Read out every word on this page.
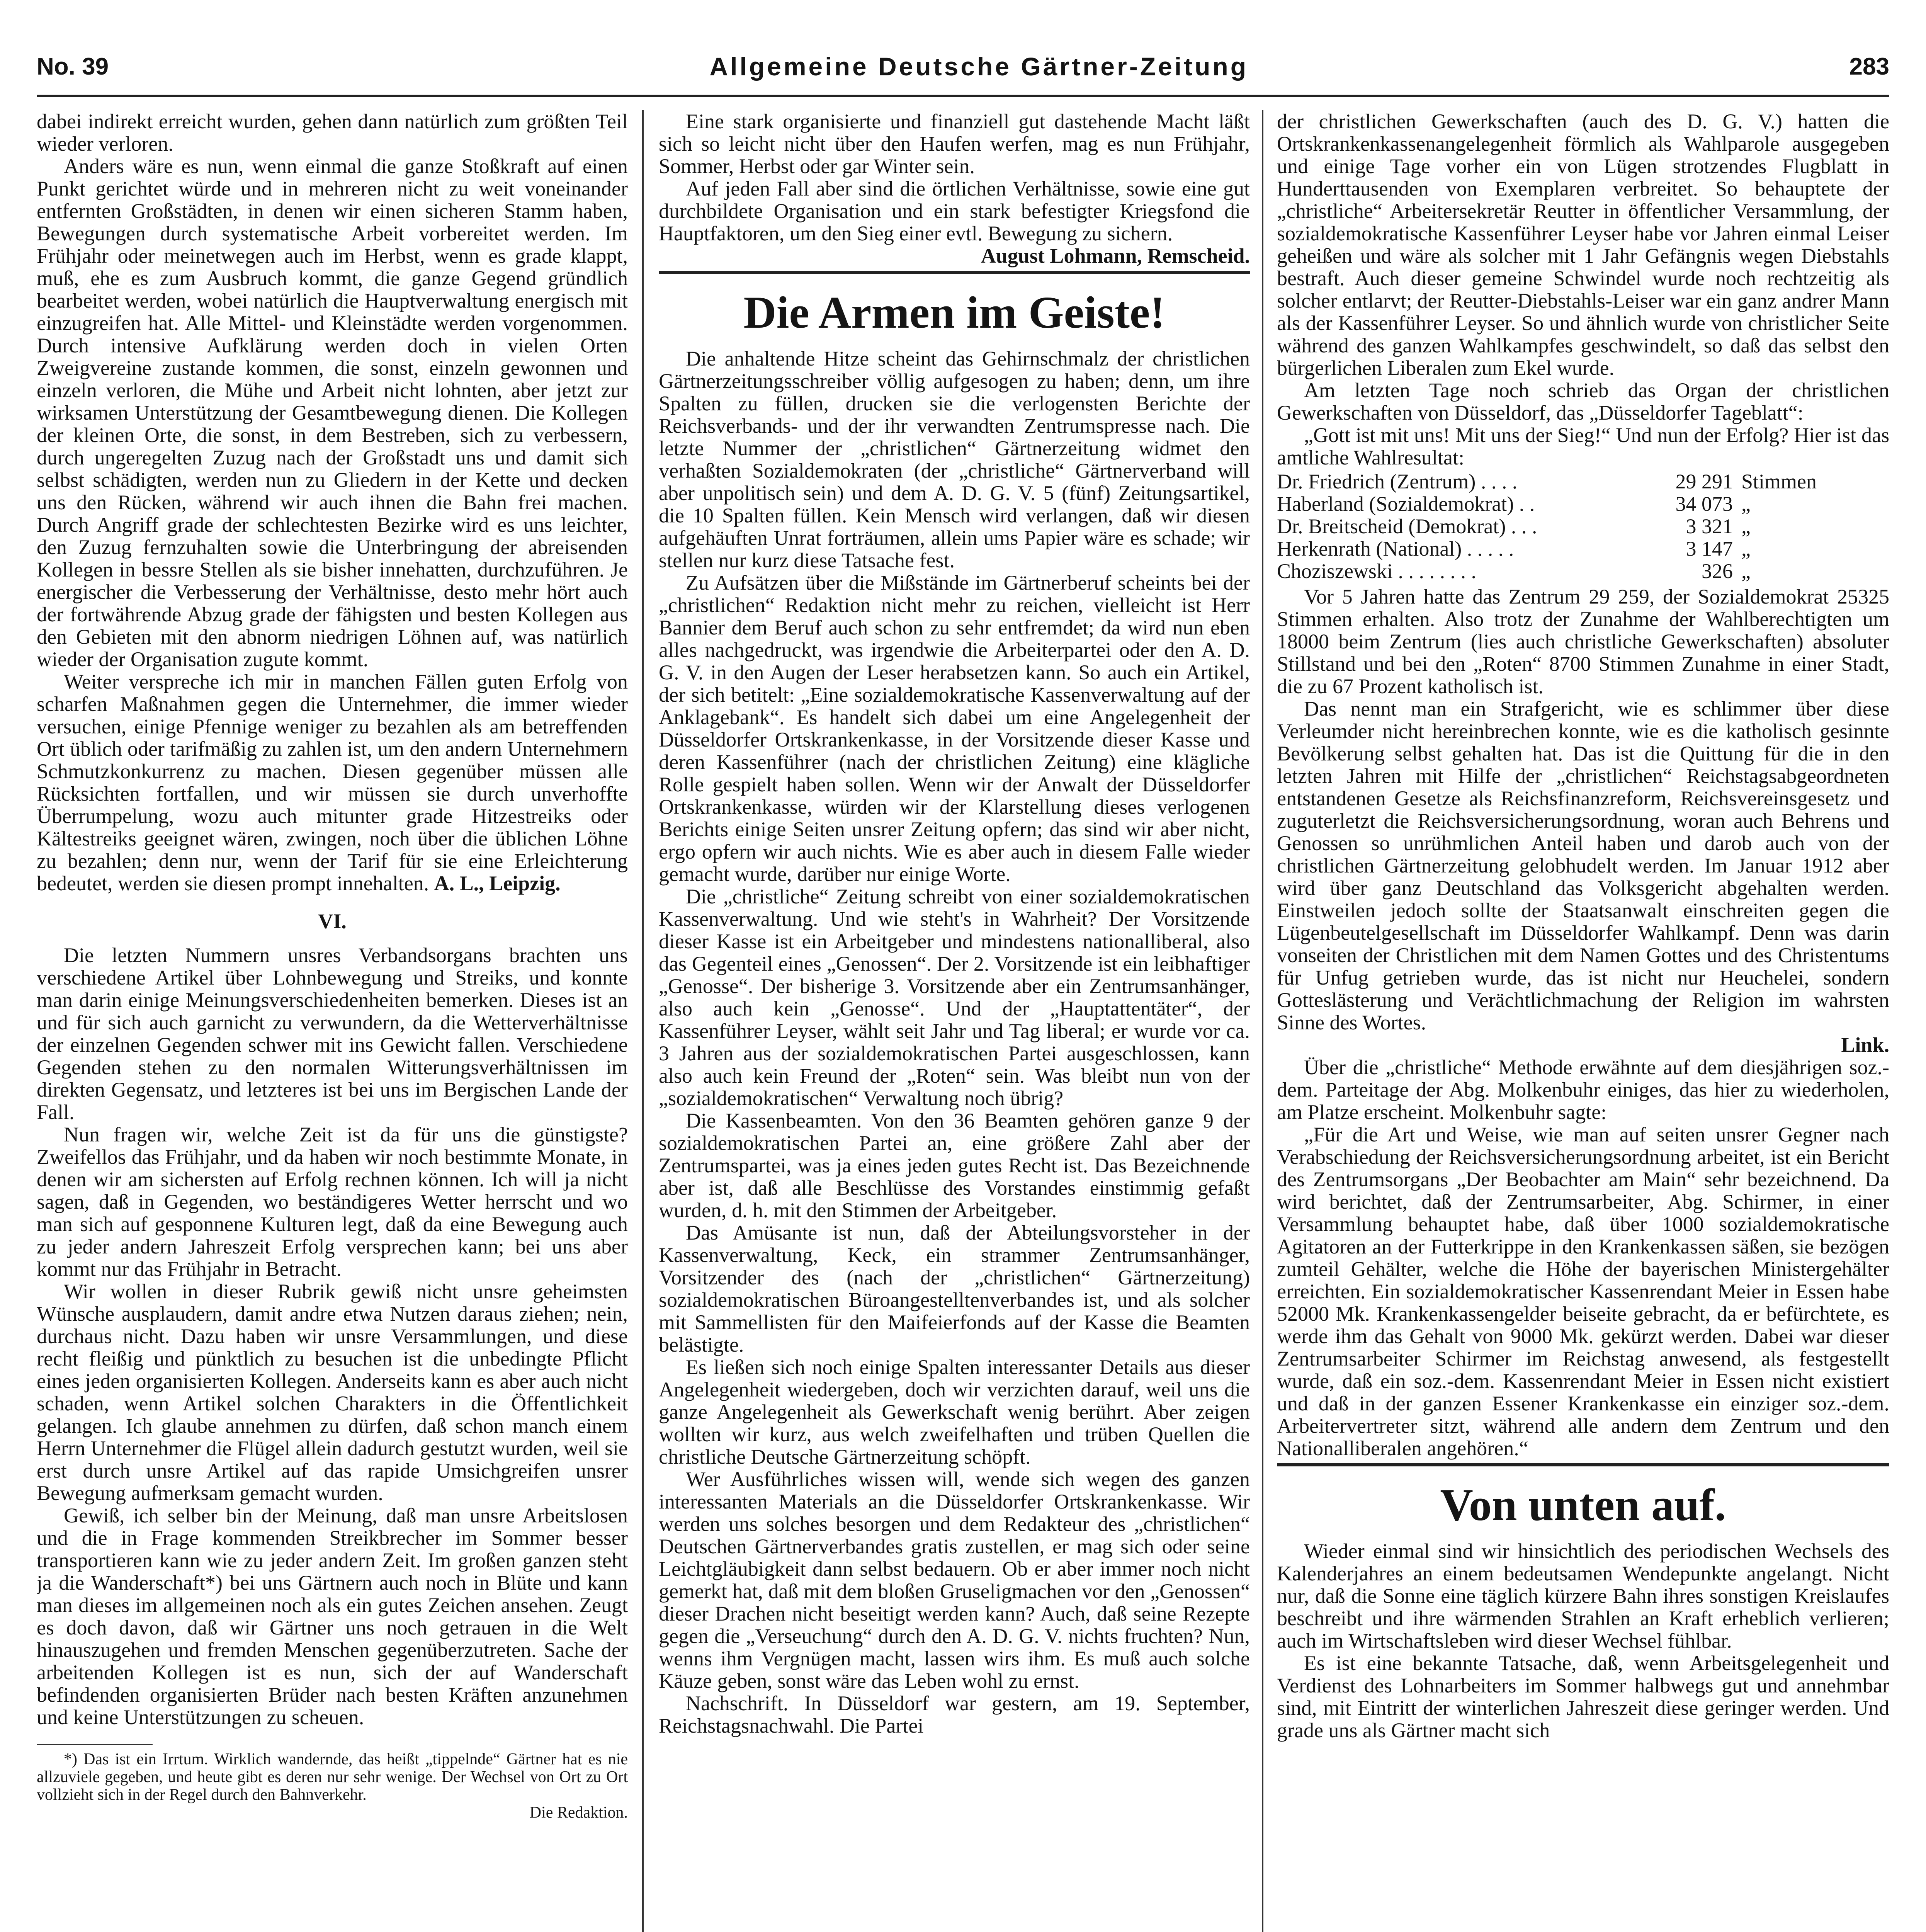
No. 39	Allgemeine Deutsche Gärtner-Zeitung	283

dabei indirekt erreicht wurden, gehen dann natürlich zum größten Teil wieder verloren.

Anders wäre es nun, wenn einmal die ganze Stoßkraft auf einen Punkt gerichtet würde und in mehreren nicht zu weit voneinander entfernten Großstädten, in denen wir einen sicheren Stamm haben, Bewegungen durch systematische Arbeit vorbereitet werden. Im Frühjahr oder meinetwegen auch im Herbst, wenn es grade klappt, muß, ehe es zum Ausbruch kommt, die ganze Gegend gründlich bearbeitet werden, wobei natürlich die Hauptverwaltung energisch mit einzugreifen hat. Alle Mittel- und Kleinstädte werden vorgenommen. Durch intensive Aufklärung werden doch in vielen Orten Zweigvereine zustande kommen, die sonst, einzeln gewonnen und einzeln verloren, die Mühe und Arbeit nicht lohnten, aber jetzt zur wirksamen Unterstützung der Gesamtbewegung dienen. Die Kollegen der kleinen Orte, die sonst, in dem Bestreben, sich zu verbessern, durch ungeregelten Zuzug nach der Großstadt uns und damit sich selbst schädigten, werden nun zu Gliedern in der Kette und decken uns den Rücken, während wir auch ihnen die Bahn frei machen. Durch Angriff grade der schlechtesten Bezirke wird es uns leichter, den Zuzug fernzuhalten sowie die Unterbringung der abreisenden Kollegen in bessre Stellen als sie bisher innehatten, durchzuführen. Je energischer die Verbesserung der Verhältnisse, desto mehr hört auch der fortwährende Abzug grade der fähigsten und besten Kollegen aus den Gebieten mit den abnorm niedrigen Löhnen auf, was natürlich wieder der Organisation zugute kommt.

Weiter verspreche ich mir in manchen Fällen guten Erfolg von scharfen Maßnahmen gegen die Unternehmer, die immer wieder versuchen, einige Pfennige weniger zu bezahlen als am betreffenden Ort üblich oder tarifmäßig zu zahlen ist, um den andern Unternehmern Schmutzkonkurrenz zu machen. Diesen gegenüber müssen alle Rücksichten fortfallen, und wir müssen sie durch unverhoffte Überrumpelung, wozu auch mitunter grade Hitzestreiks oder Kältestreiks geeignet wären, zwingen, noch über die üblichen Löhne zu bezahlen; denn nur, wenn der Tarif für sie eine Erleichterung bedeutet, werden sie diesen prompt innehalten. A. L., Leipzig.

VI.

Die letzten Nummern unsres Verbandsorgans brachten uns verschiedene Artikel über Lohnbewegung und Streiks, und konnte man darin einige Meinungsverschiedenheiten bemerken. Dieses ist an und für sich auch garnicht zu verwundern, da die Wetterverhältnisse der einzelnen Gegenden schwer mit ins Gewicht fallen. Verschiedene Gegenden stehen zu den normalen Witterungsverhältnissen im direkten Gegensatz, und letzteres ist bei uns im Bergischen Lande der Fall.

Nun fragen wir, welche Zeit ist da für uns die günstigste? Zweifellos das Frühjahr, und da haben wir noch bestimmte Monate, in denen wir am sichersten auf Erfolg rechnen können. Ich will ja nicht sagen, daß in Gegenden, wo beständigeres Wetter herrscht und wo man sich auf gesponnene Kulturen legt, daß da eine Bewegung auch zu jeder andern Jahreszeit Erfolg versprechen kann; bei uns aber kommt nur das Frühjahr in Betracht.

Wir wollen in dieser Rubrik gewiß nicht unsre geheimsten Wünsche ausplaudern, damit andre etwa Nutzen daraus ziehen; nein, durchaus nicht. Dazu haben wir unsre Versammlungen, und diese recht fleißig und pünktlich zu besuchen ist die unbedingte Pflicht eines jeden organisierten Kollegen. Anderseits kann es aber auch nicht schaden, wenn Artikel solchen Charakters in die Öffentlichkeit gelangen. Ich glaube annehmen zu dürfen, daß schon manch einem Herrn Unternehmer die Flügel allein dadurch gestutzt wurden, weil sie erst durch unsre Artikel auf das rapide Umsichgreifen unsrer Bewegung aufmerksam gemacht wurden.

Gewiß, ich selber bin der Meinung, daß man unsre Arbeitslosen und die in Frage kommenden Streikbrecher im Sommer besser transportieren kann wie zu jeder andern Zeit. Im großen ganzen steht ja die Wanderschaft*) bei uns Gärtnern auch noch in Blüte und kann man dieses im allgemeinen noch als ein gutes Zeichen ansehen. Zeugt es doch davon, daß wir Gärtner uns noch getrauen in die Welt hinauszugehen und fremden Menschen gegenüberzutreten. Sache der arbeitenden Kollegen ist es nun, sich der auf Wanderschaft befindenden organisierten Brüder nach besten Kräften anzunehmen und keine Unterstützungen zu scheuen.

*) Das ist ein Irrtum. Wirklich wandernde, das heißt „tippelnde“ Gärtner hat es nie allzuviele gegeben, und heute gibt es deren nur sehr wenige. Der Wechsel von Ort zu Ort vollzieht sich in der Regel durch den Bahnverkehr.

Die Redaktion.

Eine stark organisierte und finanziell gut dastehende Macht läßt sich so leicht nicht über den Haufen werfen, mag es nun Frühjahr, Sommer, Herbst oder gar Winter sein.

Auf jeden Fall aber sind die örtlichen Verhältnisse, sowie eine gut durchbildete Organisation und ein stark befestigter Kriegsfond die Hauptfaktoren, um den Sieg einer evtl. Bewegung zu sichern.

August Lohmann, Remscheid.
Die Armen im Geiste!

Die anhaltende Hitze scheint das Gehirnschmalz der christlichen Gärtnerzeitungsschreiber völlig aufgesogen zu haben; denn, um ihre Spalten zu füllen, drucken sie die verlogensten Berichte der Reichsverbands- und der ihr verwandten Zentrumspresse nach. Die letzte Nummer der „christlichen“ Gärtnerzeitung widmet den verhaßten Sozialdemokraten (der „christliche“ Gärtnerverband will aber unpolitisch sein) und dem A. D. G. V. 5 (fünf) Zeitungsartikel, die 10 Spalten füllen. Kein Mensch wird verlangen, daß wir diesen aufgehäuften Unrat forträumen, allein ums Papier wäre es schade; wir stellen nur kurz diese Tatsache fest.

Zu Aufsätzen über die Mißstände im Gärtnerberuf scheints bei der „christlichen“ Redaktion nicht mehr zu reichen, vielleicht ist Herr Bannier dem Beruf auch schon zu sehr entfremdet; da wird nun eben alles nachgedruckt, was irgendwie die Arbeiterpartei oder den A. D. G. V. in den Augen der Leser herabsetzen kann. So auch ein Artikel, der sich betitelt: „Eine sozialdemokratische Kassenverwaltung auf der Anklagebank“. Es handelt sich dabei um eine Angelegenheit der Düsseldorfer Ortskrankenkasse, in der Vorsitzende dieser Kasse und deren Kassenführer (nach der christlichen Zeitung) eine klägliche Rolle gespielt haben sollen. Wenn wir der Anwalt der Düsseldorfer Ortskrankenkasse, würden wir der Klarstellung dieses verlogenen Berichts einige Seiten unsrer Zeitung opfern; das sind wir aber nicht, ergo opfern wir auch nichts. Wie es aber auch in diesem Falle wieder gemacht wurde, darüber nur einige Worte.

Die „christliche“ Zeitung schreibt von einer sozialdemokratischen Kassenverwaltung. Und wie steht's in Wahrheit? Der Vorsitzende dieser Kasse ist ein Arbeitgeber und mindestens nationalliberal, also das Gegenteil eines „Genossen“. Der 2. Vorsitzende ist ein leibhaftiger „Genosse“. Der bisherige 3. Vorsitzende aber ein Zentrumsanhänger, also auch kein „Genosse“. Und der „Hauptattentäter“, der Kassenführer Leyser, wählt seit Jahr und Tag liberal; er wurde vor ca. 3 Jahren aus der sozialdemokratischen Partei ausgeschlossen, kann also auch kein Freund der „Roten“ sein. Was bleibt nun von der „sozialdemokratischen“ Verwaltung noch übrig?

Die Kassenbeamten. Von den 36 Beamten gehören ganze 9 der sozialdemokratischen Partei an, eine größere Zahl aber der Zentrumspartei, was ja eines jeden gutes Recht ist. Das Bezeichnende aber ist, daß alle Beschlüsse des Vorstandes einstimmig gefaßt wurden, d. h. mit den Stimmen der Arbeitgeber.

Das Amüsante ist nun, daß der Abteilungsvorsteher in der Kassenverwaltung, Keck, ein strammer Zentrumsanhänger, Vorsitzender des (nach der „christlichen“ Gärtnerzeitung) sozialdemokratischen Büroangestelltenverbandes ist, und als solcher mit Sammellisten für den Maifeierfonds auf der Kasse die Beamten belästigte.

Es ließen sich noch einige Spalten interessanter Details aus dieser Angelegenheit wiedergeben, doch wir verzichten darauf, weil uns die ganze Angelegenheit als Gewerkschaft wenig berührt. Aber zeigen wollten wir kurz, aus welch zweifelhaften und trüben Quellen die christliche Deutsche Gärtnerzeitung schöpft.

Wer Ausführliches wissen will, wende sich wegen des ganzen interessanten Materials an die Düsseldorfer Ortskrankenkasse. Wir werden uns solches besorgen und dem Redakteur des „christlichen“ Deutschen Gärtnerverbandes gratis zustellen, er mag sich oder seine Leichtgläubigkeit dann selbst bedauern. Ob er aber immer noch nicht gemerkt hat, daß mit dem bloßen Gruseligmachen vor den „Genossen“ dieser Drachen nicht beseitigt werden kann? Auch, daß seine Rezepte gegen die „Verseuchung“ durch den A. D. G. V. nichts fruchten? Nun, wenns ihm Vergnügen macht, lassen wirs ihm. Es muß auch solche Käuze geben, sonst wäre das Leben wohl zu ernst.

Nachschrift. In Düsseldorf war gestern, am 19. September, Reichstagsnachwahl. Die Partei

der christlichen Gewerkschaften (auch des D. G. V.) hatten die Ortskrankenkassenangelegenheit förmlich als Wahlparole ausgegeben und einige Tage vorher ein von Lügen strotzendes Flugblatt in Hunderttausenden von Exemplaren verbreitet. So behauptete der „christliche“ Arbeitersekretär Reutter in öffentlicher Versammlung, der sozialdemokratische Kassenführer Leyser habe vor Jahren einmal Leiser geheißen und wäre als solcher mit 1 Jahr Gefängnis wegen Diebstahls bestraft. Auch dieser gemeine Schwindel wurde noch rechtzeitig als solcher entlarvt; der Reutter-Diebstahls-Leiser war ein ganz andrer Mann als der Kassenführer Leyser. So und ähnlich wurde von christlicher Seite während des ganzen Wahlkampfes geschwindelt, so daß das selbst den bürgerlichen Liberalen zum Ekel wurde.

Am letzten Tage noch schrieb das Organ der christlichen Gewerkschaften von Düsseldorf, das „Düsseldorfer Tageblatt“:

„Gott ist mit uns! Mit uns der Sieg!“ Und nun der Erfolg? Hier ist das amtliche Wahlresultat:

Dr. Friedrich (Zentrum) . . . .	29 291 Stimmen
Haberland (Sozialdemokrat) . .	34 073 „
Dr. Breitscheid (Demokrat) . . .	3 321 „
Herkenrath (National) . . . . .	3 147 „
Choziszewski . . . . . . . .	326 „

Vor 5 Jahren hatte das Zentrum 29 259, der Sozialdemokrat 25325 Stimmen erhalten. Also trotz der Zunahme der Wahlberechtigten um 18000 beim Zentrum (lies auch christliche Gewerkschaften) absoluter Stillstand und bei den „Roten“ 8700 Stimmen Zunahme in einer Stadt, die zu 67 Prozent katholisch ist.

Das nennt man ein Strafgericht, wie es schlimmer über diese Verleumder nicht hereinbrechen konnte, wie es die katholisch gesinnte Bevölkerung selbst gehalten hat. Das ist die Quittung für die in den letzten Jahren mit Hilfe der „christlichen“ Reichstagsabgeordneten entstandenen Gesetze als Reichsfinanzreform, Reichsvereinsgesetz und zuguterletzt die Reichsversicherungsordnung, woran auch Behrens und Genossen so unrühmlichen Anteil haben und darob auch von der christlichen Gärtnerzeitung gelobhudelt werden. Im Januar 1912 aber wird über ganz Deutschland das Volksgericht abgehalten werden. Einstweilen jedoch sollte der Staatsanwalt einschreiten gegen die Lügenbeutelgesellschaft im Düsseldorfer Wahlkampf. Denn was darin vonseiten der Christlichen mit dem Namen Gottes und des Christentums für Unfug getrieben wurde, das ist nicht nur Heuchelei, sondern Gotteslästerung und Verächtlichmachung der Religion im wahrsten Sinne des Wortes.

Link.

Über die „christliche“ Methode erwähnte auf dem diesjährigen soz.-dem. Parteitage der Abg. Molkenbuhr einiges, das hier zu wiederholen, am Platze erscheint. Molkenbuhr sagte:

„Für die Art und Weise, wie man auf seiten unsrer Gegner nach Verabschiedung der Reichsversicherungsordnung arbeitet, ist ein Bericht des Zentrumsorgans „Der Beobachter am Main“ sehr bezeichnend. Da wird berichtet, daß der Zentrumsarbeiter, Abg. Schirmer, in einer Versammlung behauptet habe, daß über 1000 sozialdemokratische Agitatoren an der Futterkrippe in den Krankenkassen säßen, sie bezögen zumteil Gehälter, welche die Höhe der bayerischen Ministergehälter erreichten. Ein sozialdemokratischer Kassenrendant Meier in Essen habe 52000 Mk. Krankenkassengelder beiseite gebracht, da er befürchtete, es werde ihm das Gehalt von 9000 Mk. gekürzt werden. Dabei war dieser Zentrumsarbeiter Schirmer im Reichstag anwesend, als festgestellt wurde, daß ein soz.-dem. Kassenrendant Meier in Essen nicht existiert und daß in der ganzen Essener Krankenkasse ein einziger soz.-dem. Arbeitervertreter sitzt, während alle andern dem Zentrum und den Nationalliberalen angehören.“

Von unten auf.

Wieder einmal sind wir hinsichtlich des periodischen Wechsels des Kalenderjahres an einem bedeutsamen Wendepunkte angelangt. Nicht nur, daß die Sonne eine täglich kürzere Bahn ihres sonstigen Kreislaufes beschreibt und ihre wärmenden Strahlen an Kraft erheblich verlieren; auch im Wirtschaftsleben wird dieser Wechsel fühlbar.

Es ist eine bekannte Tatsache, daß, wenn Arbeitsgelegenheit und Verdienst des Lohnarbeiters im Sommer halbwegs gut und annehmbar sind, mit Eintritt der winterlichen Jahreszeit diese geringer werden. Und grade uns als Gärtner macht sich
